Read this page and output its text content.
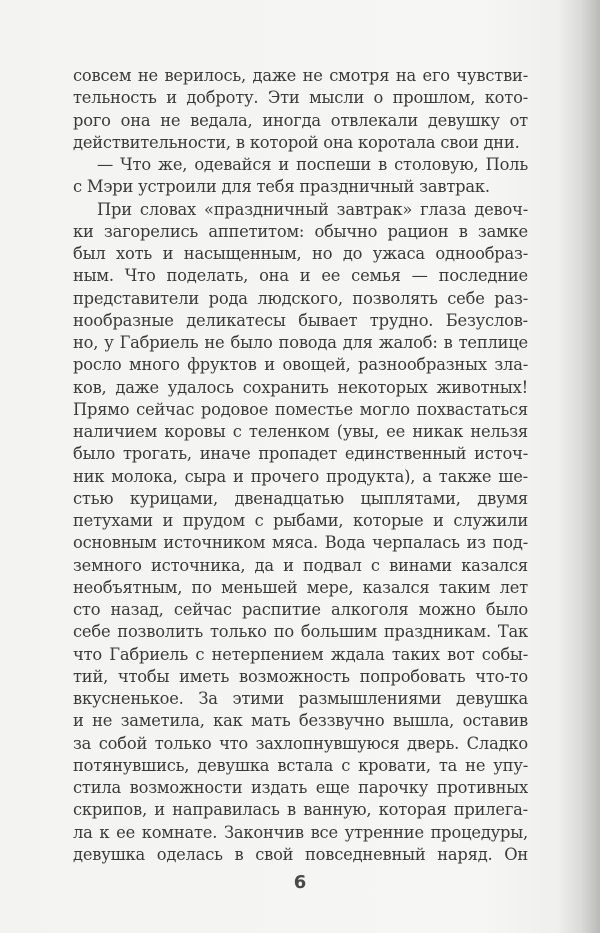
совсем не верилось, даже не смотря на его чувстви-
тельность и доброту. Эти мысли о прошлом, кото-
рого она не ведала, иногда отвлекали девушку от
действительности, в которой она коротала свои дни.
— Что же, одевайся и поспеши в столовую, Поль
с Мэри устроили для тебя праздничный завтрак.
При словах «праздничный завтрак» глаза девоч-
ки загорелись аппетитом: обычно рацион в замке
был хоть и насыщенным, но до ужаса однообраз-
ным. Что поделать, она и ее семья — последние
представители рода людского, позволять себе раз-
нообразные деликатесы бывает трудно. Безуслов-
но, у Габриель не было повода для жалоб: в теплице
росло много фруктов и овощей, разнообразных зла-
ков, даже удалось сохранить некоторых животных!
Прямо сейчас родовое поместье могло похвастаться
наличием коровы с теленком (увы, ее никак нельзя
было трогать, иначе пропадет единственный источ-
ник молока, сыра и прочего продукта), а также ше-
стью курицами, двенадцатью цыплятами, двумя
петухами и прудом с рыбами, которые и служили
основным источником мяса. Вода черпалась из под-
земного источника, да и подвал с винами казался
необъятным, по меньшей мере, казался таким лет
сто назад, сейчас распитие алкоголя можно было
себе позволить только по большим праздникам. Так
что Габриель с нетерпением ждала таких вот собы-
тий, чтобы иметь возможность попробовать что-то
вкусненькое. За этими размышлениями девушка
и не заметила, как мать беззвучно вышла, оставив
за собой только что захлопнувшуюся дверь. Сладко
потянувшись, девушка встала с кровати, та не упу-
стила возможности издать еще парочку противных
скрипов, и направилась в ванную, которая прилега-
ла к ее комнате. Закончив все утренние процедуры,
девушка оделась в свой повседневный наряд. Он
6
